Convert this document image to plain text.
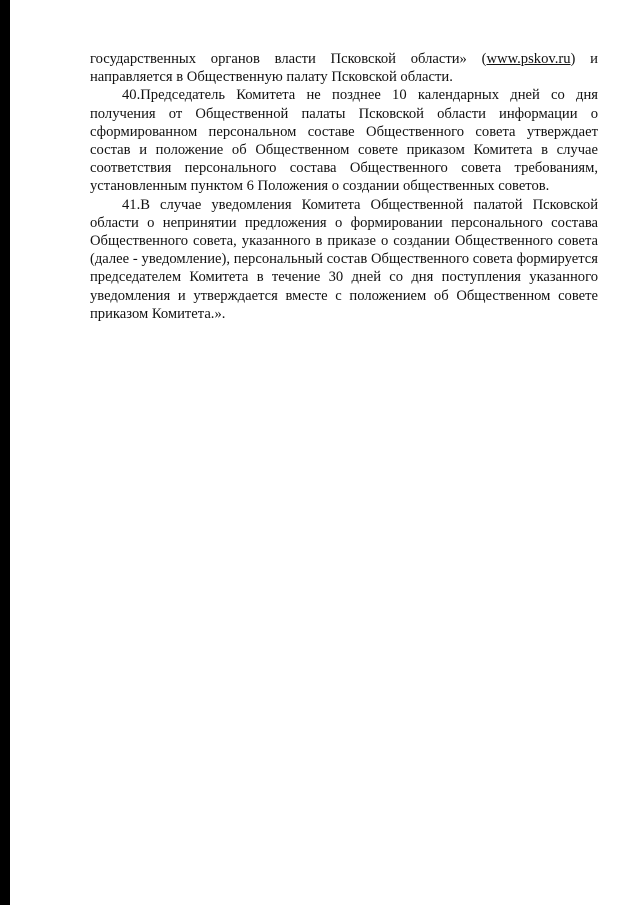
государственных органов власти Псковской области» (www.pskov.ru) и направляется в Общественную палату Псковской области.

40.Председатель Комитета не позднее 10 календарных дней со дня получения от Общественной палаты Псковской области информации о сформированном персональном составе Общественного совета утверждает состав и положение об Общественном совете приказом Комитета в случае соответствия персонального состава Общественного совета требованиям, установленным пунктом 6 Положения о создании общественных советов.

41.В случае уведомления Комитета Общественной палатой Псковской области о непринятии предложения о формировании персонального состава Общественного совета, указанного в приказе о создании Общественного совета (далее - уведомление), персональный состав Общественного совета формируется председателем Комитета в течение 30 дней со дня поступления указанного уведомления и утверждается вместе с положением об Общественном совете приказом Комитета.».
